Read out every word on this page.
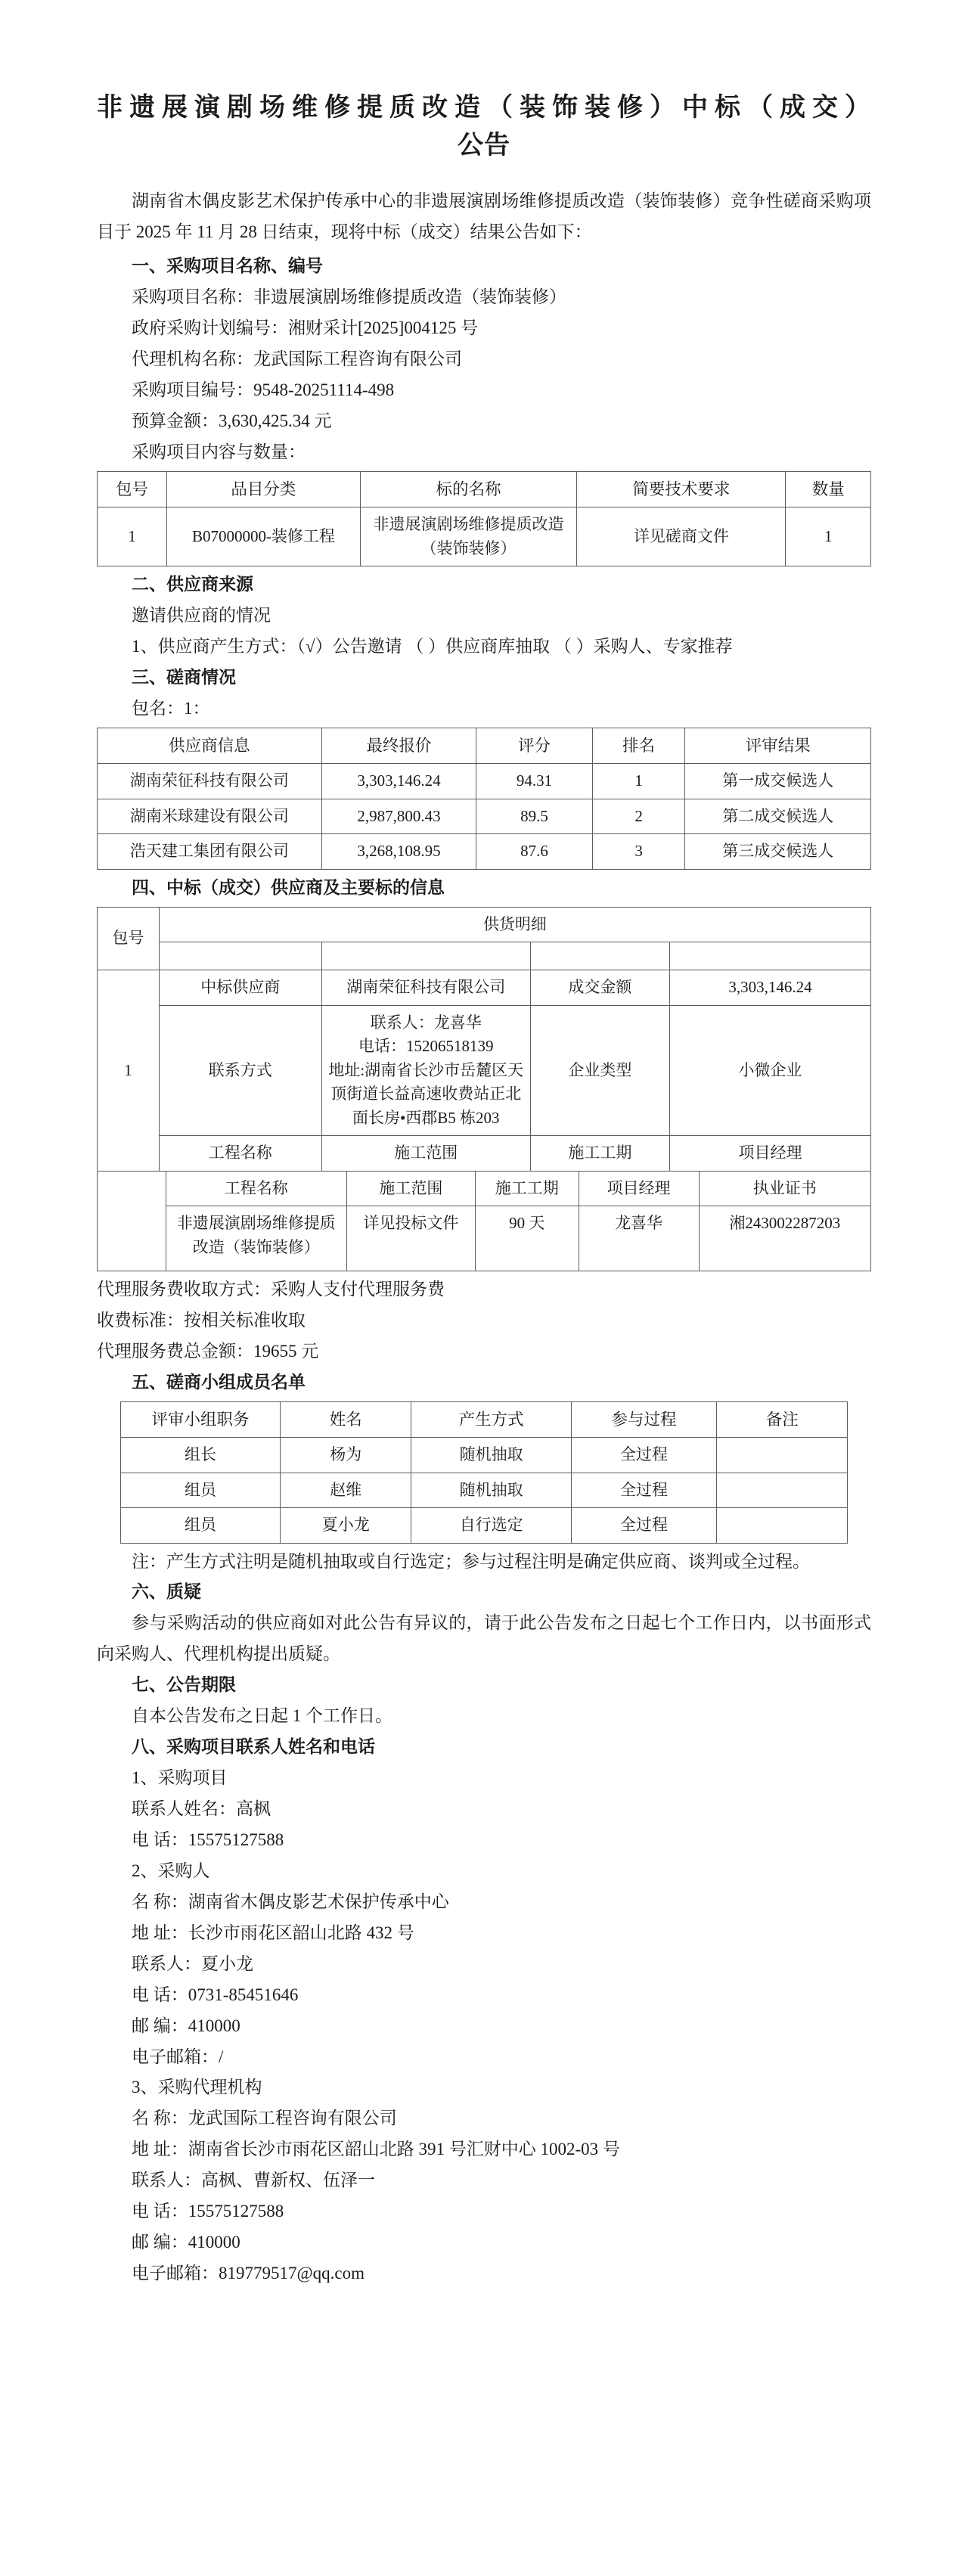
非遗展演剧场维修提质改造（装饰装修）中标（成交）
公告

湖南省木偶皮影艺术保护传承中心的非遗展演剧场维修提质改造（装饰装修）竞争性磋商采购项目于 2025 年 11 月 28 日结束，现将中标（成交）结果公告如下：

一、采购项目名称、编号

采购项目名称：非遗展演剧场维修提质改造（装饰装修）

政府采购计划编号：湘财采计[2025]004125 号

代理机构名称：龙武国际工程咨询有限公司

采购项目编号：9548-20251114-498

预算金额：3,630,425.34 元

采购项目内容与数量：

包号	品目分类	标的名称	简要技术要求	数量
1	B07000000-装修工程	非遗展演剧场维修提质改造（装饰装修）	详见磋商文件	1

二、供应商来源

邀请供应商的情况

1、供应商产生方式：（√）公告邀请 （ ）供应商库抽取 （ ）采购人、专家推荐

三、磋商情况

包名：1：

供应商信息	最终报价	评分	排名	评审结果
湖南荣征科技有限公司	3,303,146.24	94.31	1	第一成交候选人
湖南米球建设有限公司	2,987,800.43	89.5	2	第二成交候选人
浩天建工集团有限公司	3,268,108.95	87.6	3	第三成交候选人

四、中标（成交）供应商及主要标的信息

包号	供货明细			

1	中标供应商	湖南荣征科技有限公司	成交金额	3,303,146.24
	联系方式	联系人：龙喜华
电话：15206518139
地址:湖南省长沙市岳麓区天顶街道长益高速收费站正北面长房•西郡B5 栋203	企业类型	小微企业
	工程名称	施工范围	施工工期	项目经理
	工程名称	施工范围	施工工期	项目经理	执业证书
	非遗展演剧场维修提质改造（装饰装修）	详见投标文件	90 天	龙喜华	湘243002287203

代理服务费收取方式：采购人支付代理服务费

收费标准：按相关标准收取

代理服务费总金额：19655 元

五、磋商小组成员名单

评审小组职务	姓名	产生方式	参与过程	备注
组长	杨为	随机抽取	全过程	
组员	赵维	随机抽取	全过程	
组员	夏小龙	自行选定	全过程	

注：产生方式注明是随机抽取或自行选定；参与过程注明是确定供应商、谈判或全过程。

六、质疑

参与采购活动的供应商如对此公告有异议的，请于此公告发布之日起七个工作日内，以书面形式向采购人、代理机构提出质疑。

七、公告期限

自本公告发布之日起 1 个工作日。

八、采购项目联系人姓名和电话

1、采购项目

联系人姓名：高枫

电 话：15575127588

2、采购人

名 称：湖南省木偶皮影艺术保护传承中心

地 址：长沙市雨花区韶山北路 432 号

联系人：夏小龙

电 话：0731-85451646

邮 编：410000

电子邮箱：/

3、采购代理机构

名 称：龙武国际工程咨询有限公司

地 址：湖南省长沙市雨花区韶山北路 391 号汇财中心 1002-03 号

联系人：高枫、曹新权、伍泽一

电 话：15575127588

邮 编：410000

电子邮箱：819779517@qq.com
